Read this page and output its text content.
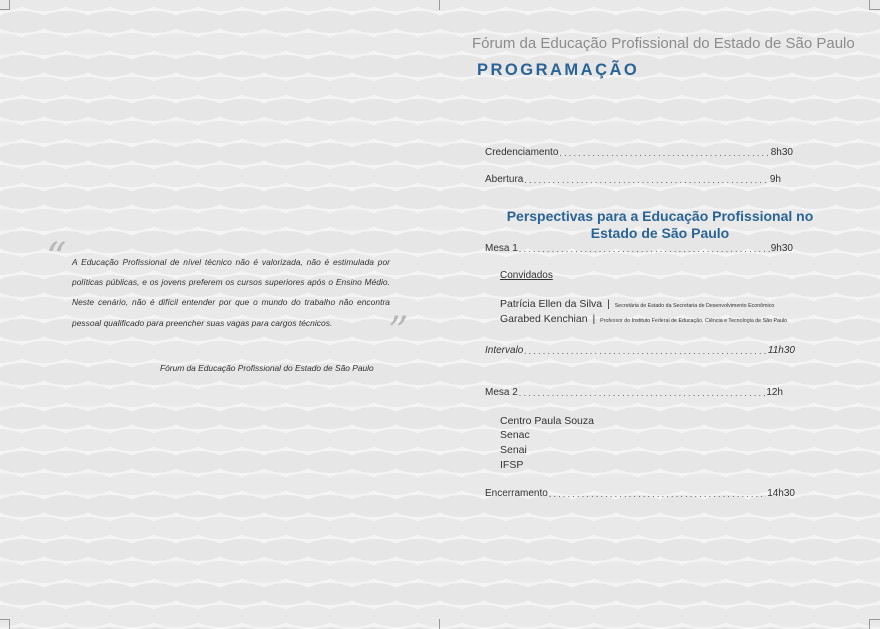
“ A Educação Profissional de nível técnico não é valorizada, não é estimulada por políticas públicas, e os jovens preferem os cursos superiores após o Ensino Médio. Neste cenário, não é difícil entender por que o mundo do trabalho não encontra pessoal qualificado para preencher suas vagas para cargos técnicos.	”
Fórum da Educação Profissional do Estado de São Paulo
Fórum da Educação Profissional do Estado de São Paulo
PROGRAMAÇÃO
Credenciamento .....	8h30
Abertura .....	9h
Perspectivas para a Educação Profissional no Estado de São Paulo
Mesa 1 .....	9h30
Convidados
Patrícia Ellen da Silva | Secretária de Estado da Secretaria de Desenvolvimento Econômico
Garabed Kenchian | Professor do Instituto Federal de Educação, Ciência e Tecnologia de São Paulo
Intervalo .....	11h30
Mesa 2 .....	12h
Centro Paula Souza
Senac
Senai
IFSP
Encerramento .....	14h30
